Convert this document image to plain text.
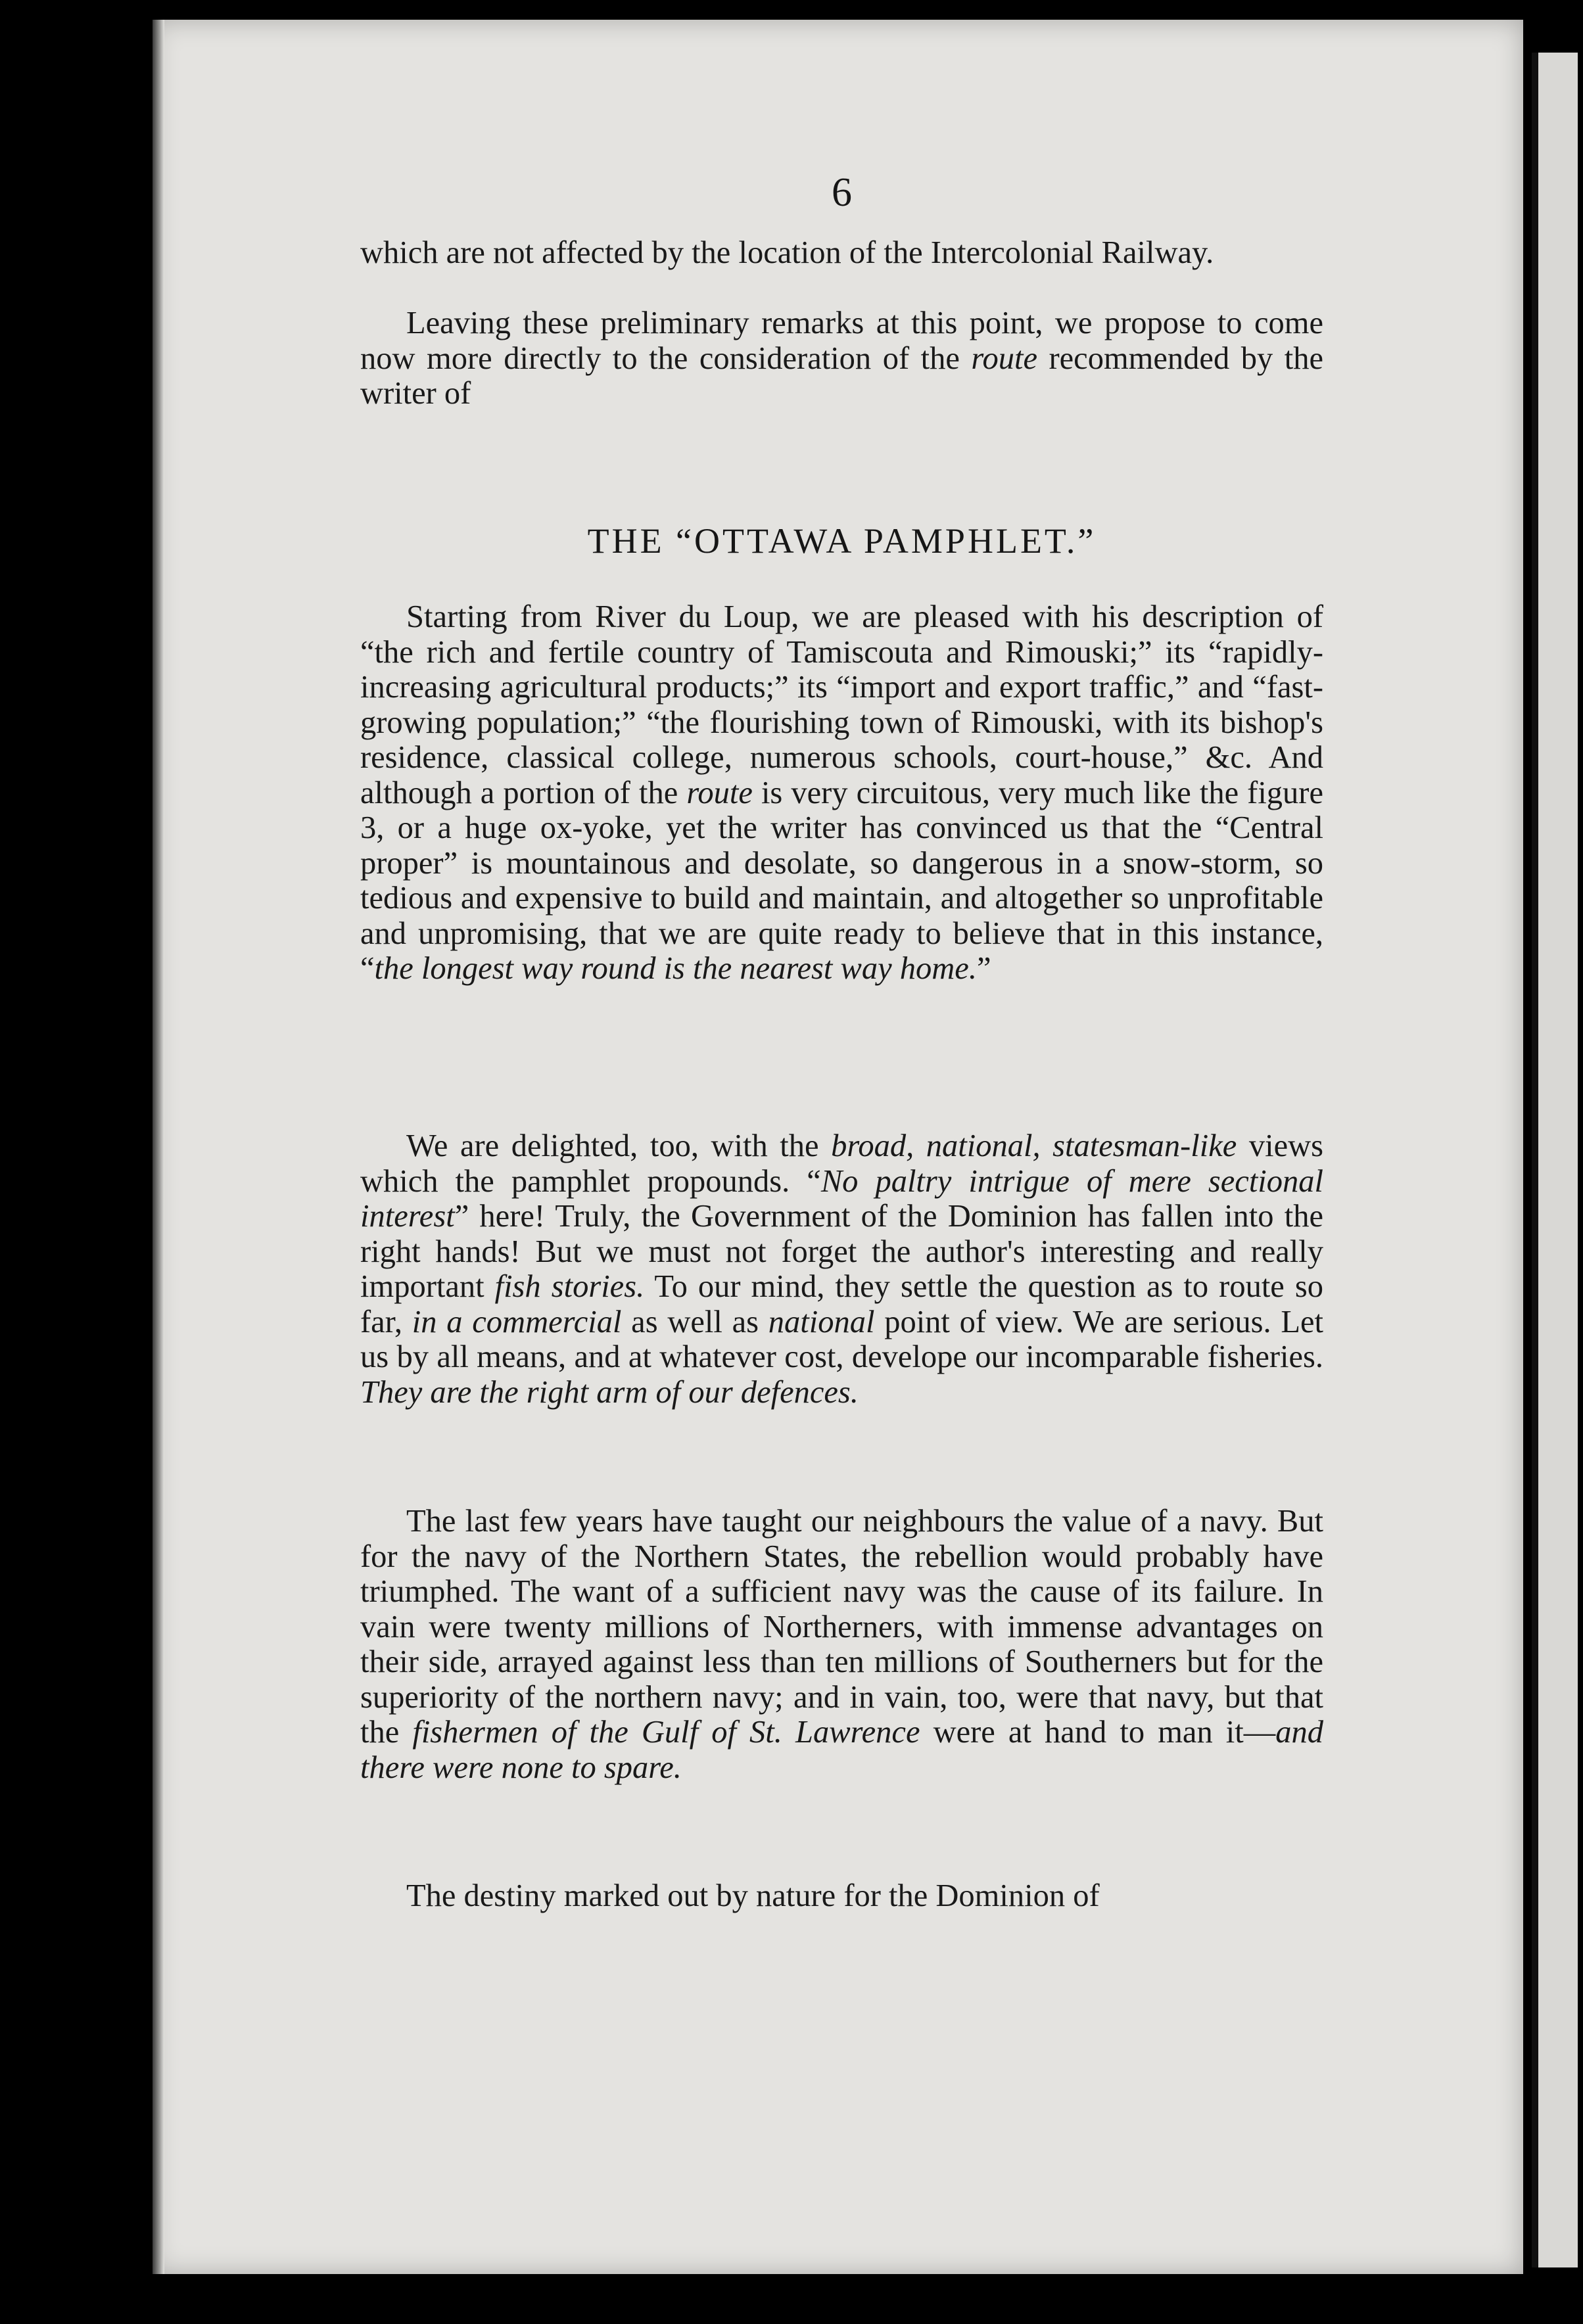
6

which are not affected by the location of the Intercolonial Railway.

Leaving these preliminary remarks at this point, we propose to come now more directly to the consideration of the route recommended by the writer of

THE “OTTAWA PAMPHLET.”

Starting from River du Loup, we are pleased with his description of “the rich and fertile country of Tamiscouta and Rimouski;” its “rapidly-increasing agricultural products;” its “import and export traffic,” and “fast-growing population;” “the flourishing town of Rimouski, with its bishop's residence, classical college, numerous schools, court-house,” &c. And although a portion of the route is very circuitous, very much like the figure 3, or a huge ox-yoke, yet the writer has convinced us that the “Central proper” is mountainous and desolate, so dangerous in a snow-storm, so tedious and expensive to build and maintain, and altogether so unprofitable and unpromising, that we are quite ready to believe that in this instance, “the longest way round is the nearest way home.”

We are delighted, too, with the broad, national, statesman-like views which the pamphlet propounds. “No paltry intrigue of mere sectional interest” here! Truly, the Government of the Dominion has fallen into the right hands! But we must not forget the author's interesting and really important fish stories. To our mind, they settle the question as to route so far, in a commercial as well as national point of view. We are serious. Let us by all means, and at whatever cost, develope our incomparable fisheries. They are the right arm of our defences.

The last few years have taught our neighbours the value of a navy. But for the navy of the Northern States, the rebellion would probably have triumphed. The want of a sufficient navy was the cause of its failure. In vain were twenty millions of Northerners, with immense advantages on their side, arrayed against less than ten millions of Southerners but for the superiority of the northern navy; and in vain, too, were that navy, but that the fishermen of the Gulf of St. Lawrence were at hand to man it—and there were none to spare.

The destiny marked out by nature for the Dominion of
